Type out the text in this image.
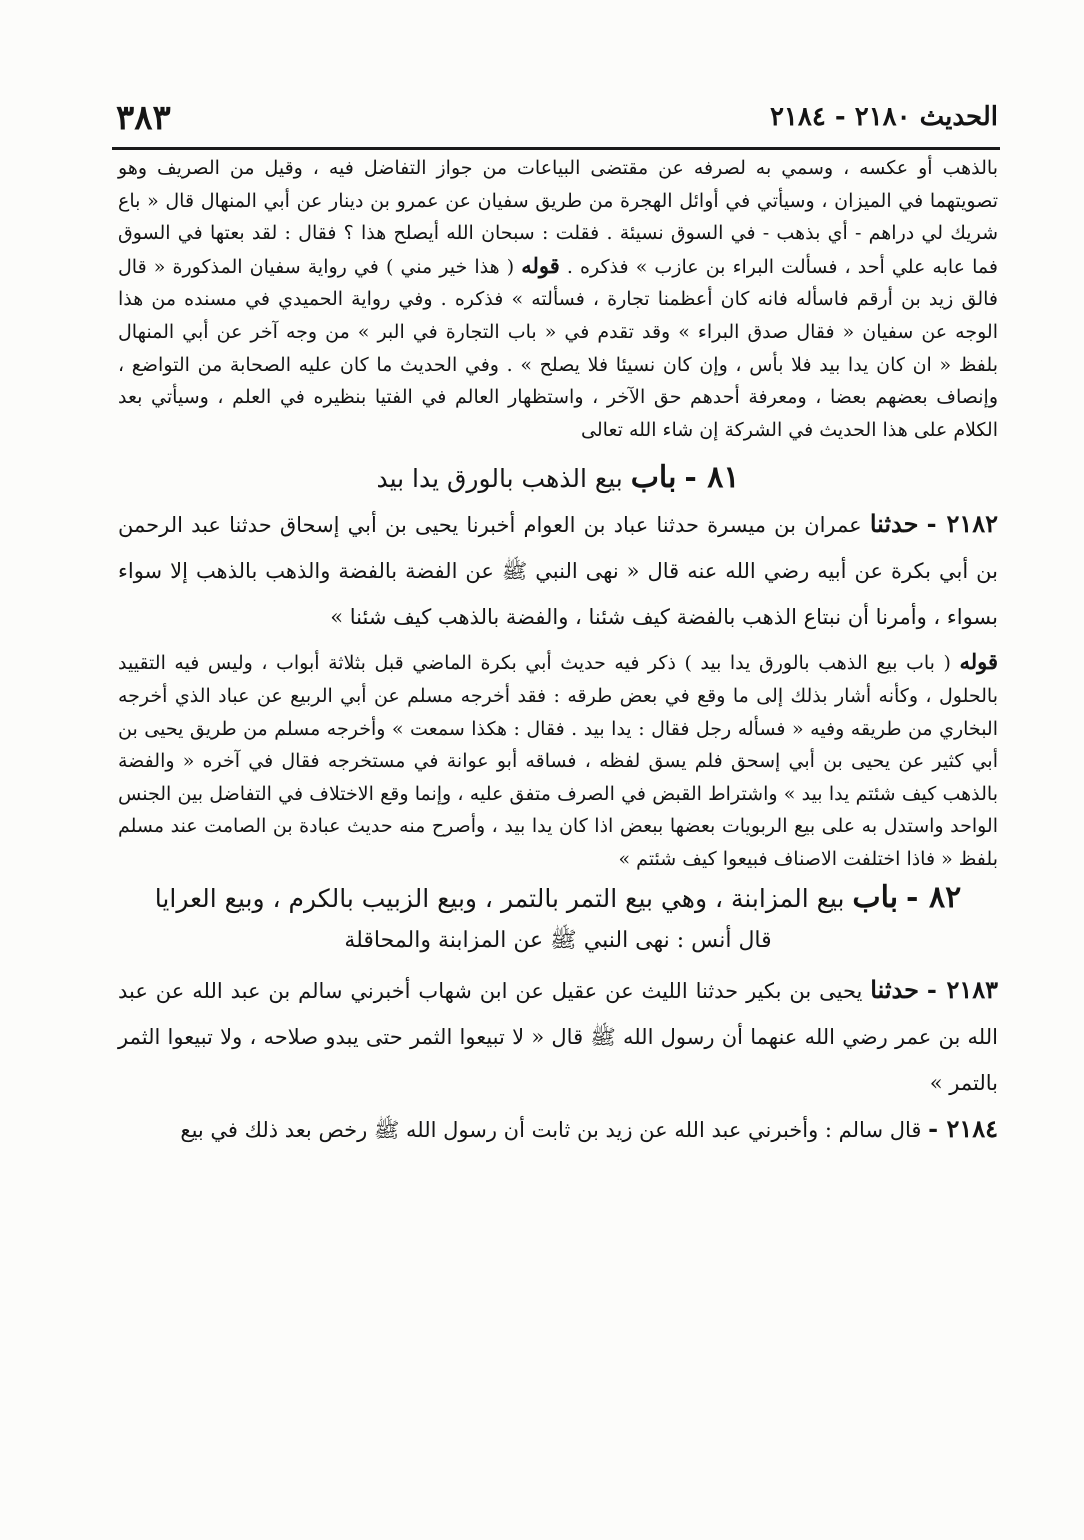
الحديث ٢١٨٠ - ٢١٨٤
٣٨٣

بالذهب أو عكسه ، وسمي به لصرفه عن مقتضى البياعات من جواز التفاضل فيه ، وقيل من الصريف وهو تصويتهما في الميزان ، وسيأتي في أوائل الهجرة من طريق سفيان عن عمرو بن دينار عن أبي المنهال قال « باع شريك لي دراهم - أي بذهب - في السوق نسيئة . فقلت : سبحان الله أيصلح هذا ؟ فقال : لقد بعتها في السوق فما عابه علي أحد ، فسألت البراء بن عازب » فذكره . قوله ( هذا خير مني ) في رواية سفيان المذكورة « قال فالق زيد بن أرقم فاسأله فانه كان أعظمنا تجارة ، فسألته » فذكره . وفي رواية الحميدي في مسنده من هذا الوجه عن سفيان « فقال صدق البراء » وقد تقدم في « باب التجارة في البر » من وجه آخر عن أبي المنهال بلفظ « ان كان يدا بيد فلا بأس ، وإن كان نسيئا فلا يصلح » . وفي الحديث ما كان عليه الصحابة من التواضع ، وإنصاف بعضهم بعضا ، ومعرفة أحدهم حق الآخر ، واستظهار العالم في الفتيا بنظيره في العلم ، وسيأتي بعد الكلام على هذا الحديث في الشركة إن شاء الله تعالى

٨١ - باب بيع الذهب بالورق يدا بيد

٢١٨٢ - حدثنا عمران بن ميسرة حدثنا عباد بن العوام أخبرنا يحيى بن أبي إسحاق حدثنا عبد الرحمن بن أبي بكرة عن أبيه رضي الله عنه قال « نهى النبي ﷺ عن الفضة بالفضة والذهب بالذهب إلا سواء بسواء ، وأمرنا أن نبتاع الذهب بالفضة كيف شئنا ، والفضة بالذهب كيف شئنا »

قوله ( باب بيع الذهب بالورق يدا بيد ) ذكر فيه حديث أبي بكرة الماضي قبل بثلاثة أبواب ، وليس فيه التقييد بالحلول ، وكأنه أشار بذلك إلى ما وقع في بعض طرقه : فقد أخرجه مسلم عن أبي الربيع عن عباد الذي أخرجه البخاري من طريقه وفيه « فسأله رجل فقال : يدا بيد . فقال : هكذا سمعت » وأخرجه مسلم من طريق يحيى بن أبي كثير عن يحيى بن أبي إسحق فلم يسق لفظه ، فساقه أبو عوانة في مستخرجه فقال في آخره « والفضة بالذهب كيف شئتم يدا بيد » واشتراط القبض في الصرف متفق عليه ، وإنما وقع الاختلاف في التفاضل بين الجنس الواحد واستدل به على بيع الربويات بعضها ببعض اذا كان يدا بيد ، وأصرح منه حديث عبادة بن الصامت عند مسلم بلفظ « فاذا اختلفت الاصناف فبيعوا كيف شئتم »

٨٢ - باب بيع المزابنة ، وهي بيع التمر بالتمر ، وبيع الزبيب بالكرم ، وبيع العرايا

قال أنس : نهى النبي ﷺ عن المزابنة والمحاقلة

٢١٨٣ - حدثنا يحيى بن بكير حدثنا الليث عن عقيل عن ابن شهاب أخبرني سالم بن عبد الله عن عبد الله بن عمر رضي الله عنهما أن رسول الله ﷺ قال « لا تبيعوا الثمر حتى يبدو صلاحه ، ولا تبيعوا الثمر بالتمر »

٢١٨٤ - قال سالم : وأخبرني عبد الله عن زيد بن ثابت أن رسول الله ﷺ رخص بعد ذلك في بيع
